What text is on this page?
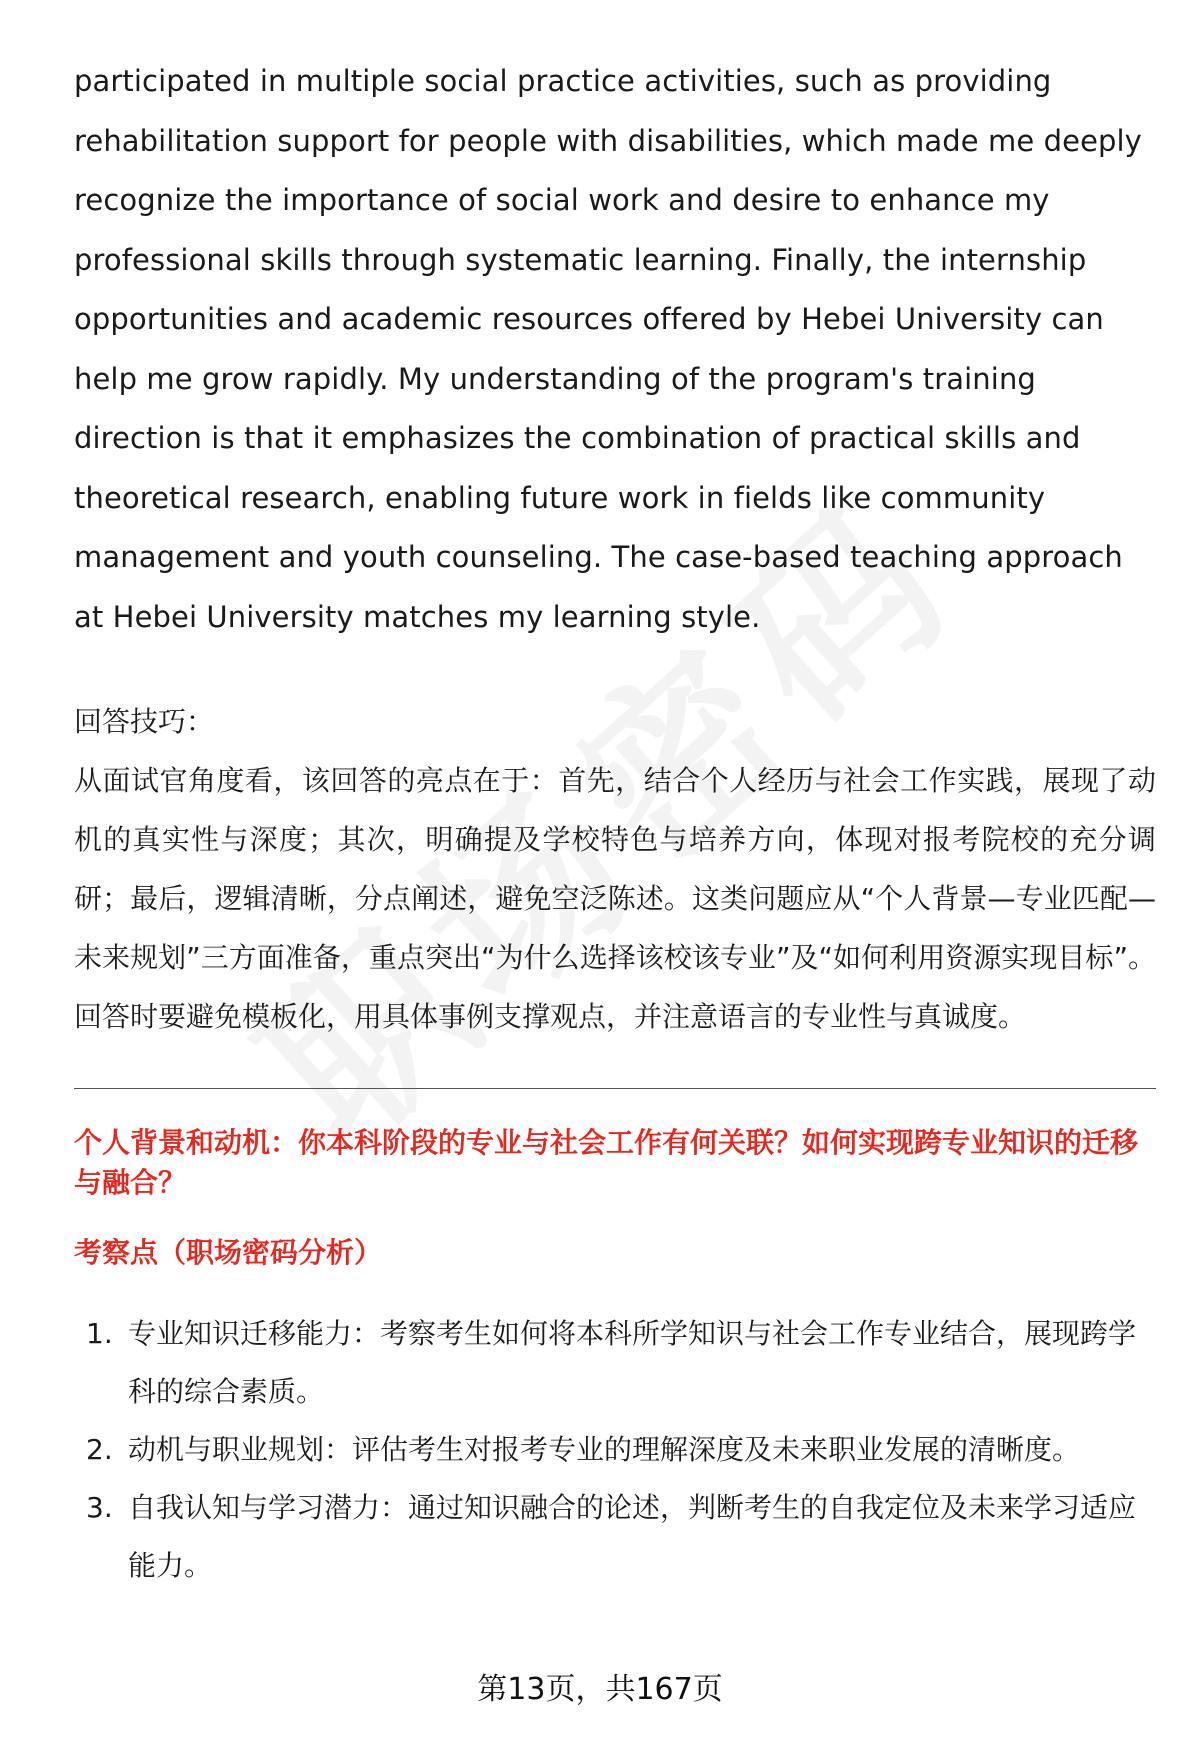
participated in multiple social practice activities, such as providing rehabilitation support for people with disabilities, which made me deeply recognize the importance of social work and desire to enhance my professional skills through systematic learning. Finally, the internship opportunities and academic resources offered by Hebei University can help me grow rapidly. My understanding of the program's training direction is that it emphasizes the combination of practical skills and theoretical research, enabling future work in fields like community management and youth counseling. The case-based teaching approach at Hebei University matches my learning style.

回答技巧：

从面试官角度看，该回答的亮点在于：首先，结合个人经历与社会工作实践，展现了动机的真实性与深度；其次，明确提及学校特色与培养方向，体现对报考院校的充分调研；最后，逻辑清晰，分点阐述，避免空泛陈述。这类问题应从“个人背景—专业匹配—未来规划”三方面准备，重点突出“为什么选择该校该专业”及“如何利用资源实现目标”。回答时要避免模板化，用具体事例支撑观点，并注意语言的专业性与真诚度。

个人背景和动机：你本科阶段的专业与社会工作有何关联？如何实现跨专业知识的迁移与融合？

考察点（职场密码分析）

1. 专业知识迁移能力：考察考生如何将本科所学知识与社会工作专业结合，展现跨学科的综合素质。
2. 动机与职业规划：评估考生对报考专业的理解深度及未来职业发展的清晰度。
3. 自我认知与学习潜力：通过知识融合的论述，判断考生的自我定位及未来学习适应能力。
第13页，共167页
